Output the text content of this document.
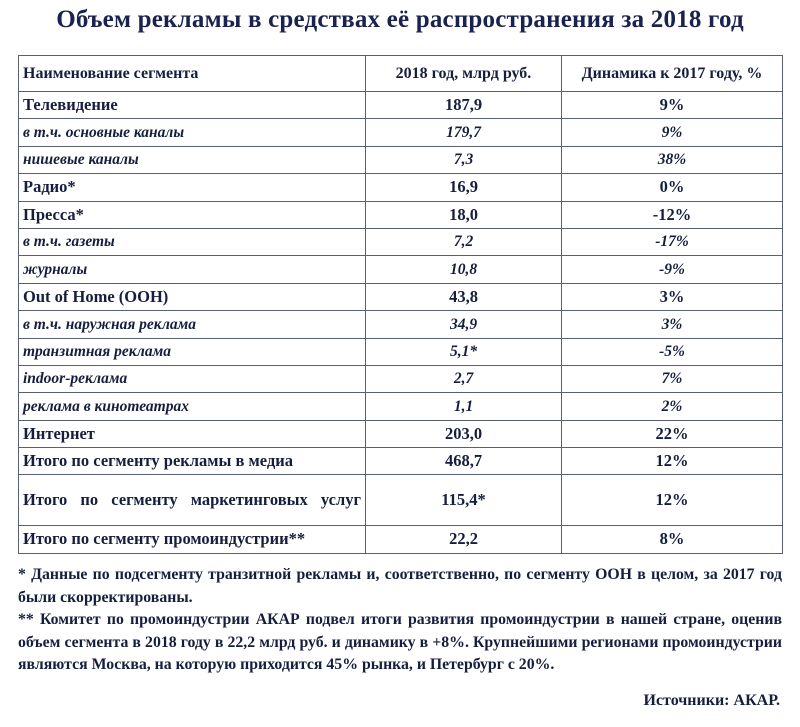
Объем рекламы в средствах её распространения за 2018 год
Наименование сегмента	2018 год, млрд руб.	Динамика к 2017 году, %
Телевидение	187,9	9%
в т.ч. основные каналы	179,7	9%
нишевые каналы	7,3	38%
Радио*	16,9	0%
Пресса*	18,0	-12%
в т.ч. газеты	7,2	-17%
журналы	10,8	-9%
Out of Home (OOH)	43,8	3%
в т.ч. наружная реклама	34,9	3%
транзитная реклама	5,1*	-5%
indoor-реклама	2,7	7%
реклама в кинотеатрах	1,1	2%
Интернет	203,0	22%
Итого по сегменту рекламы в медиа	468,7	12%

Итого по сегменту маркетинговых услуг	115,4*	12%
Итого по сегменту промоиндустрии**	22,2	8%

* Данные по подсегменту транзитной рекламы и, соответственно, по сегменту ООН в целом, за 2017 год были скорректированы.

** Комитет по промоиндустрии АКАР подвел итоги развития промоиндустрии в нашей стране, оценив объем сегмента в 2018 году в 22,2 млрд руб. и динамику в +8%. Крупнейшими регионами промоиндустрии являются Москва, на которую приходится 45% рынка, и Петербург с 20%.

Источники: АКАР.
